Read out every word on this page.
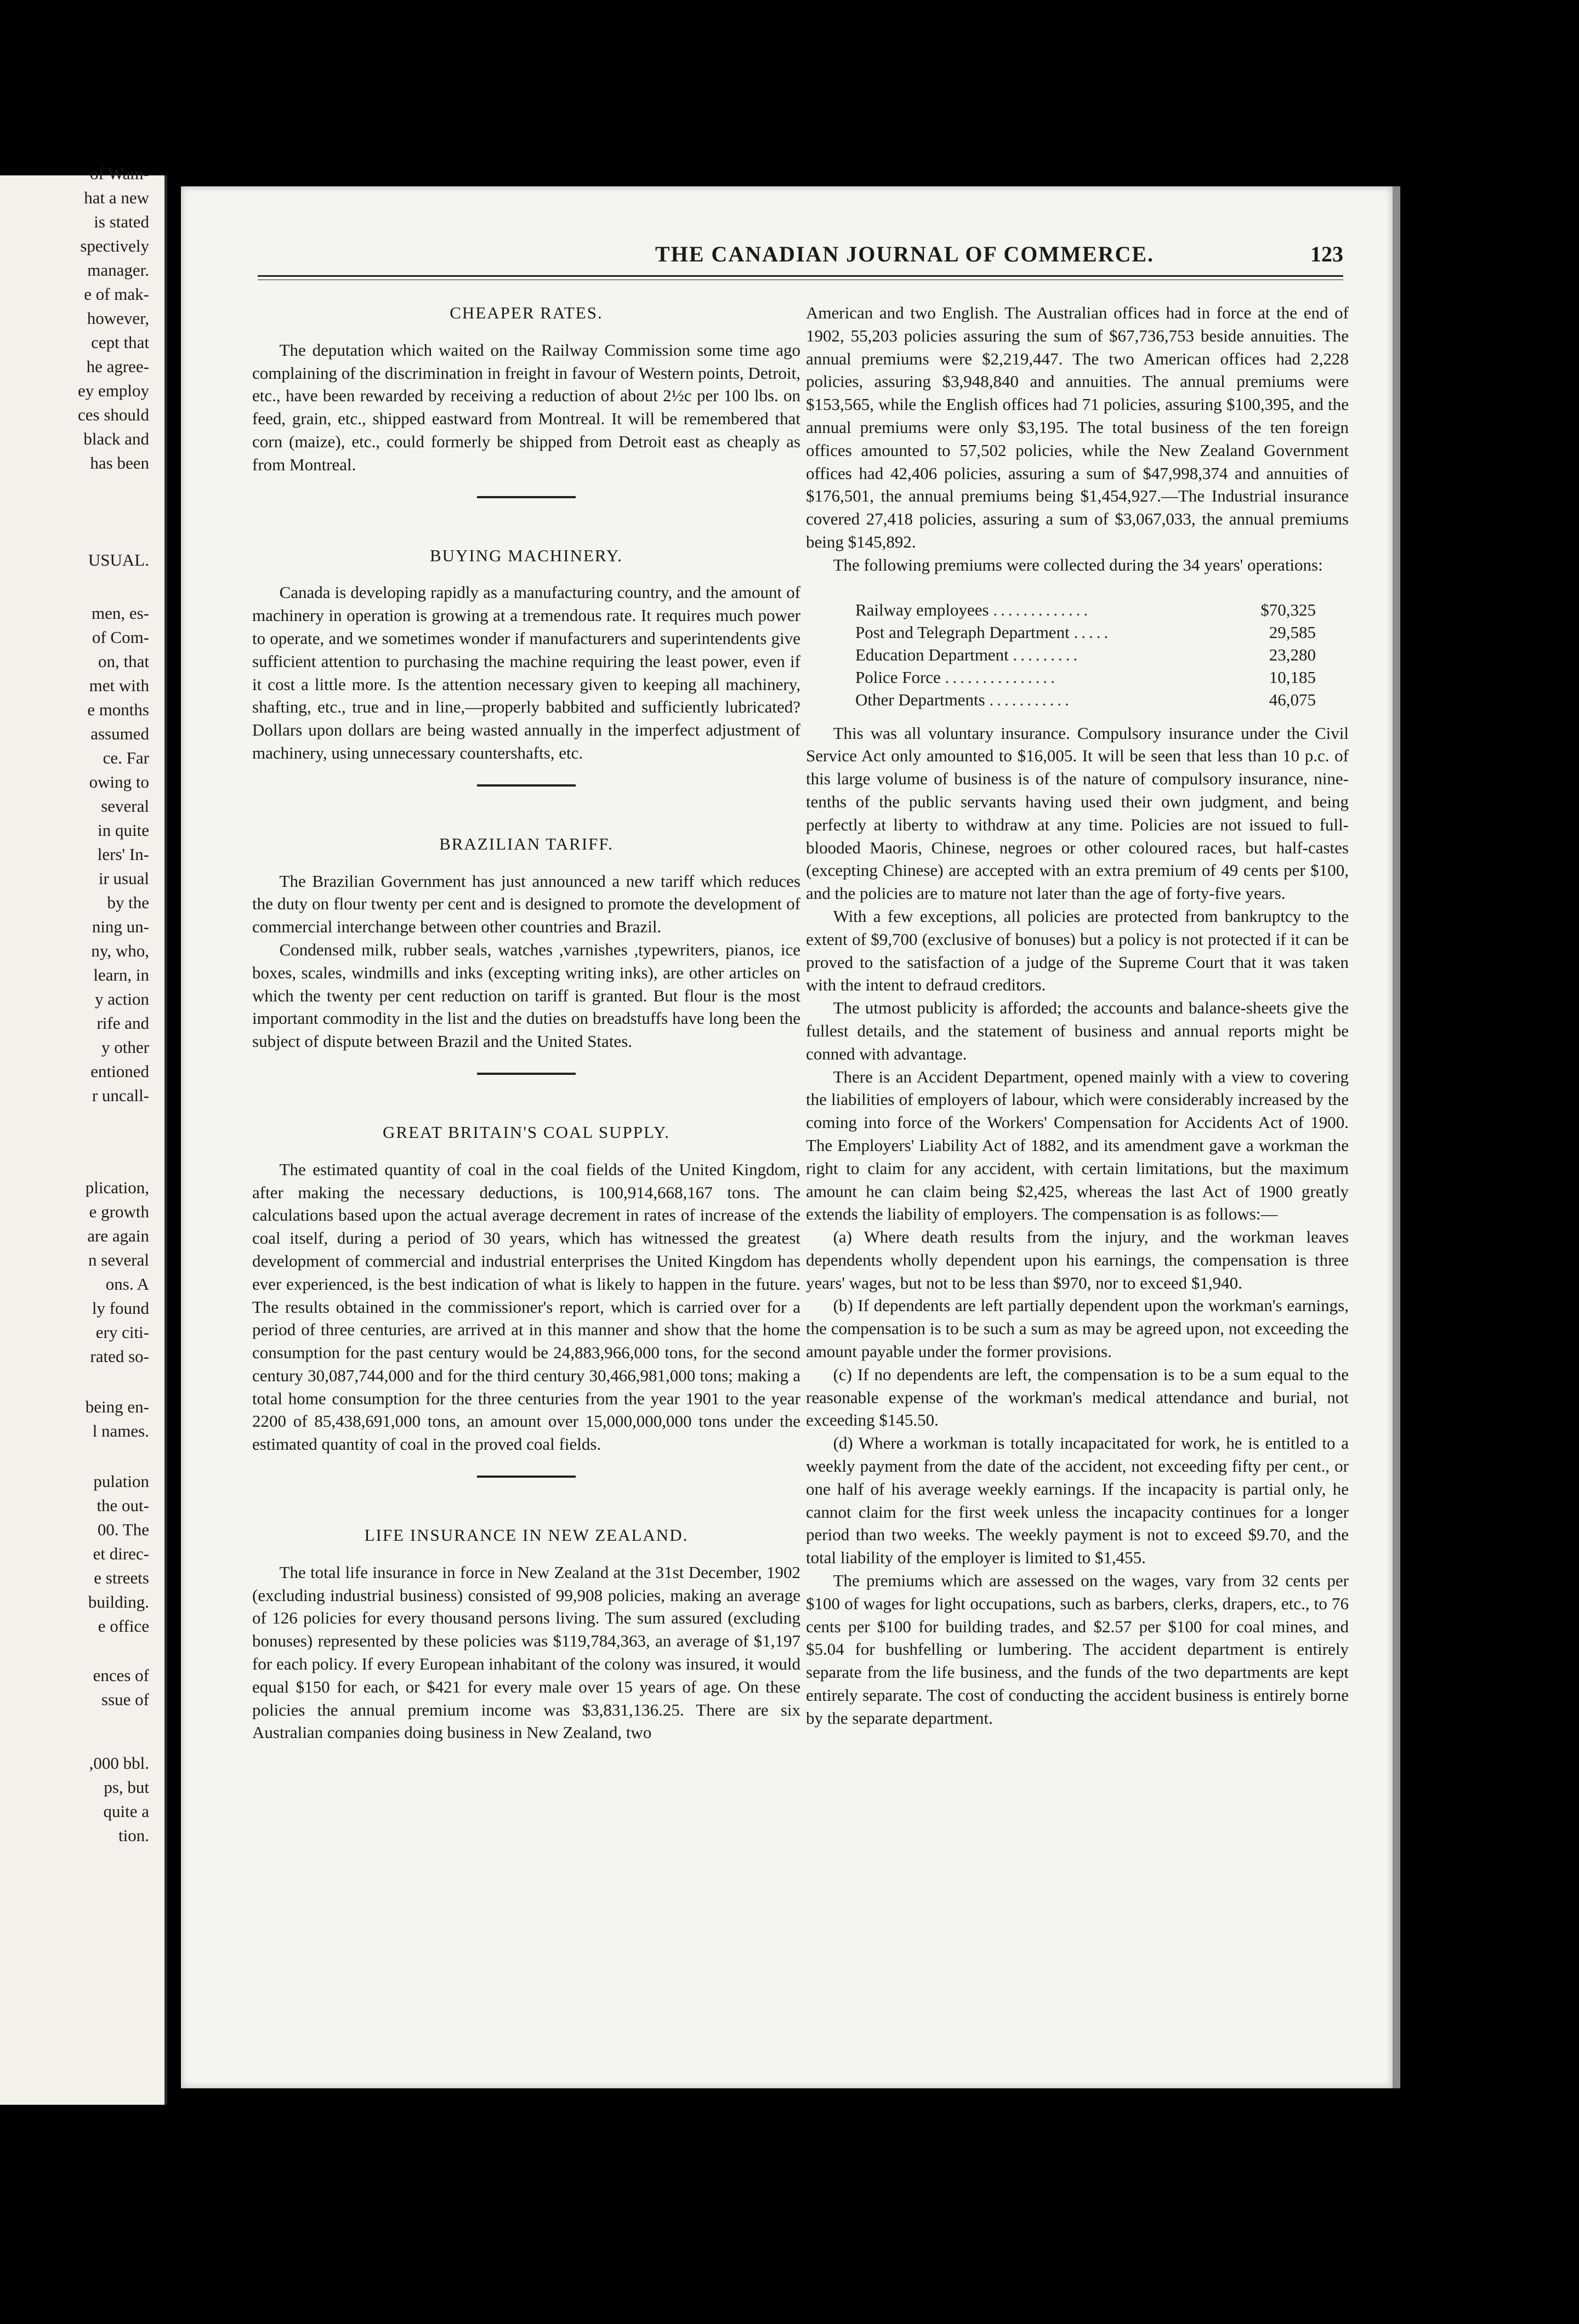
of Wam-
hat a new
is stated
spectively
manager.
e of mak-
however,
cept that
he agree-
ey employ
ces should
black and
has been
USUAL.
men, es-
of Com-
on, that
met with
e months
assumed
ce. Far
owing to
several
in quite
lers' In-
ir usual
by the
ning un-
ny, who,
learn, in
y action
rife and
y other
entioned
r uncall-
plication,
e growth
are again
n several
ons. A
ly found
ery citi-
rated so-
being en-
l names.
pulation
the out-
00. The
et direc-
e streets
building.
e office
ences of
ssue of
,000 bbl.
ps, but
quite a
tion.
THE CANADIAN JOURNAL OF COMMERCE.	123
CHEAPER RATES.

The deputation which waited on the Railway Commission some time ago complaining of the discrimination in freight in favour of Western points, Detroit, etc., have been rewarded by receiving a reduction of about 2½c per 100 lbs. on feed, grain, etc., shipped eastward from Montreal. It will be remembered that corn (maize), etc., could formerly be shipped from Detroit east as cheaply as from Montreal.

BUYING MACHINERY.

Canada is developing rapidly as a manufacturing country, and the amount of machinery in operation is growing at a tremendous rate. It requires much power to operate, and we sometimes wonder if manufacturers and superintendents give sufficient attention to purchasing the machine requiring the least power, even if it cost a little more. Is the attention necessary given to keeping all machinery, shafting, etc., true and in line,—properly babbited and sufficiently lubricated? Dollars upon dollars are being wasted annually in the imperfect adjustment of machinery, using unnecessary countershafts, etc.

BRAZILIAN TARIFF.

The Brazilian Government has just announced a new tariff which reduces the duty on flour twenty per cent and is designed to promote the development of commercial interchange between other countries and Brazil.

Condensed milk, rubber seals, watches ,varnishes ,typewriters, pianos, ice boxes, scales, windmills and inks (excepting writing inks), are other articles on which the twenty per cent reduction on tariff is granted. But flour is the most important commodity in the list and the duties on breadstuffs have long been the subject of dispute between Brazil and the United States.

GREAT BRITAIN'S COAL SUPPLY.

The estimated quantity of coal in the coal fields of the United Kingdom, after making the necessary deductions, is 100,914,668,167 tons. The calculations based upon the actual average decrement in rates of increase of the coal itself, during a period of 30 years, which has witnessed the greatest development of commercial and industrial enterprises the United Kingdom has ever experienced, is the best indication of what is likely to happen in the future. The results obtained in the commissioner's report, which is carried over for a period of three centuries, are arrived at in this manner and show that the home consumption for the past century would be 24,883,966,000 tons, for the second century 30,087,744,000 and for the third century 30,466,981,000 tons; making a total home consumption for the three centuries from the year 1901 to the year 2200 of 85,438,691,000 tons, an amount over 15,000,000,000 tons under the estimated quantity of coal in the proved coal fields.

LIFE INSURANCE IN NEW ZEALAND.

The total life insurance in force in New Zealand at the 31st December, 1902 (excluding industrial business) consisted of 99,908 policies, making an average of 126 policies for every thousand persons living. The sum assured (excluding bonuses) represented by these policies was $119,784,363, an average of $1,197 for each policy. If every European inhabitant of the colony was insured, it would equal $150 for each, or $421 for every male over 15 years of age. On these policies the annual premium income was $3,831,136.25. There are six Australian companies doing business in New Zealand, two

American and two English. The Australian offices had in force at the end of 1902, 55,203 policies assuring the sum of $67,736,753 beside annuities. The annual premiums were $2,219,447. The two American offices had 2,228 policies, assuring $3,948,840 and annuities. The annual premiums were $153,565, while the English offices had 71 policies, assuring $100,395, and the annual premiums were only $3,195. The total business of the ten foreign offices amounted to 57,502 policies, while the New Zealand Government offices had 42,406 policies, assuring a sum of $47,998,374 and annuities of $176,501, the annual premiums being $1,454,927.—The Industrial insurance covered 27,418 policies, assuring a sum of $3,067,033, the annual premiums being $145,892.

The following premiums were collected during the 34 years' operations:

Railway employees .............	$70,325
Post and Telegraph Department .....	29,585
Education Department .........	23,280
Police Force ...............	10,185
Other Departments ...........	46,075

This was all voluntary insurance. Compulsory insurance under the Civil Service Act only amounted to $16,005. It will be seen that less than 10 p.c. of this large volume of business is of the nature of compulsory insurance, nine-tenths of the public servants having used their own judgment, and being perfectly at liberty to withdraw at any time. Policies are not issued to full-blooded Maoris, Chinese, negroes or other coloured races, but half-castes (excepting Chinese) are accepted with an extra premium of 49 cents per $100, and the policies are to mature not later than the age of forty-five years.

With a few exceptions, all policies are protected from bankruptcy to the extent of $9,700 (exclusive of bonuses) but a policy is not protected if it can be proved to the satisfaction of a judge of the Supreme Court that it was taken with the intent to defraud creditors.

The utmost publicity is afforded; the accounts and balance-sheets give the fullest details, and the statement of business and annual reports might be conned with advantage.

There is an Accident Department, opened mainly with a view to covering the liabilities of employers of labour, which were considerably increased by the coming into force of the Workers' Compensation for Accidents Act of 1900. The Employers' Liability Act of 1882, and its amendment gave a workman the right to claim for any accident, with certain limitations, but the maximum amount he can claim being $2,425, whereas the last Act of 1900 greatly extends the liability of employers. The compensation is as follows:—

(a) Where death results from the injury, and the workman leaves dependents wholly dependent upon his earnings, the compensation is three years' wages, but not to be less than $970, nor to exceed $1,940.

(b) If dependents are left partially dependent upon the workman's earnings, the compensation is to be such a sum as may be agreed upon, not exceeding the amount payable under the former provisions.

(c) If no dependents are left, the compensation is to be a sum equal to the reasonable expense of the workman's medical attendance and burial, not exceeding $145.50.

(d) Where a workman is totally incapacitated for work, he is entitled to a weekly payment from the date of the accident, not exceeding fifty per cent., or one half of his average weekly earnings. If the incapacity is partial only, he cannot claim for the first week unless the incapacity continues for a longer period than two weeks. The weekly payment is not to exceed $9.70, and the total liability of the employer is limited to $1,455.

The premiums which are assessed on the wages, vary from 32 cents per $100 of wages for light occupations, such as barbers, clerks, drapers, etc., to 76 cents per $100 for building trades, and $2.57 per $100 for coal mines, and $5.04 for bushfelling or lumbering. The accident department is entirely separate from the life business, and the funds of the two departments are kept entirely separate. The cost of conducting the accident business is entirely borne by the separate department.
